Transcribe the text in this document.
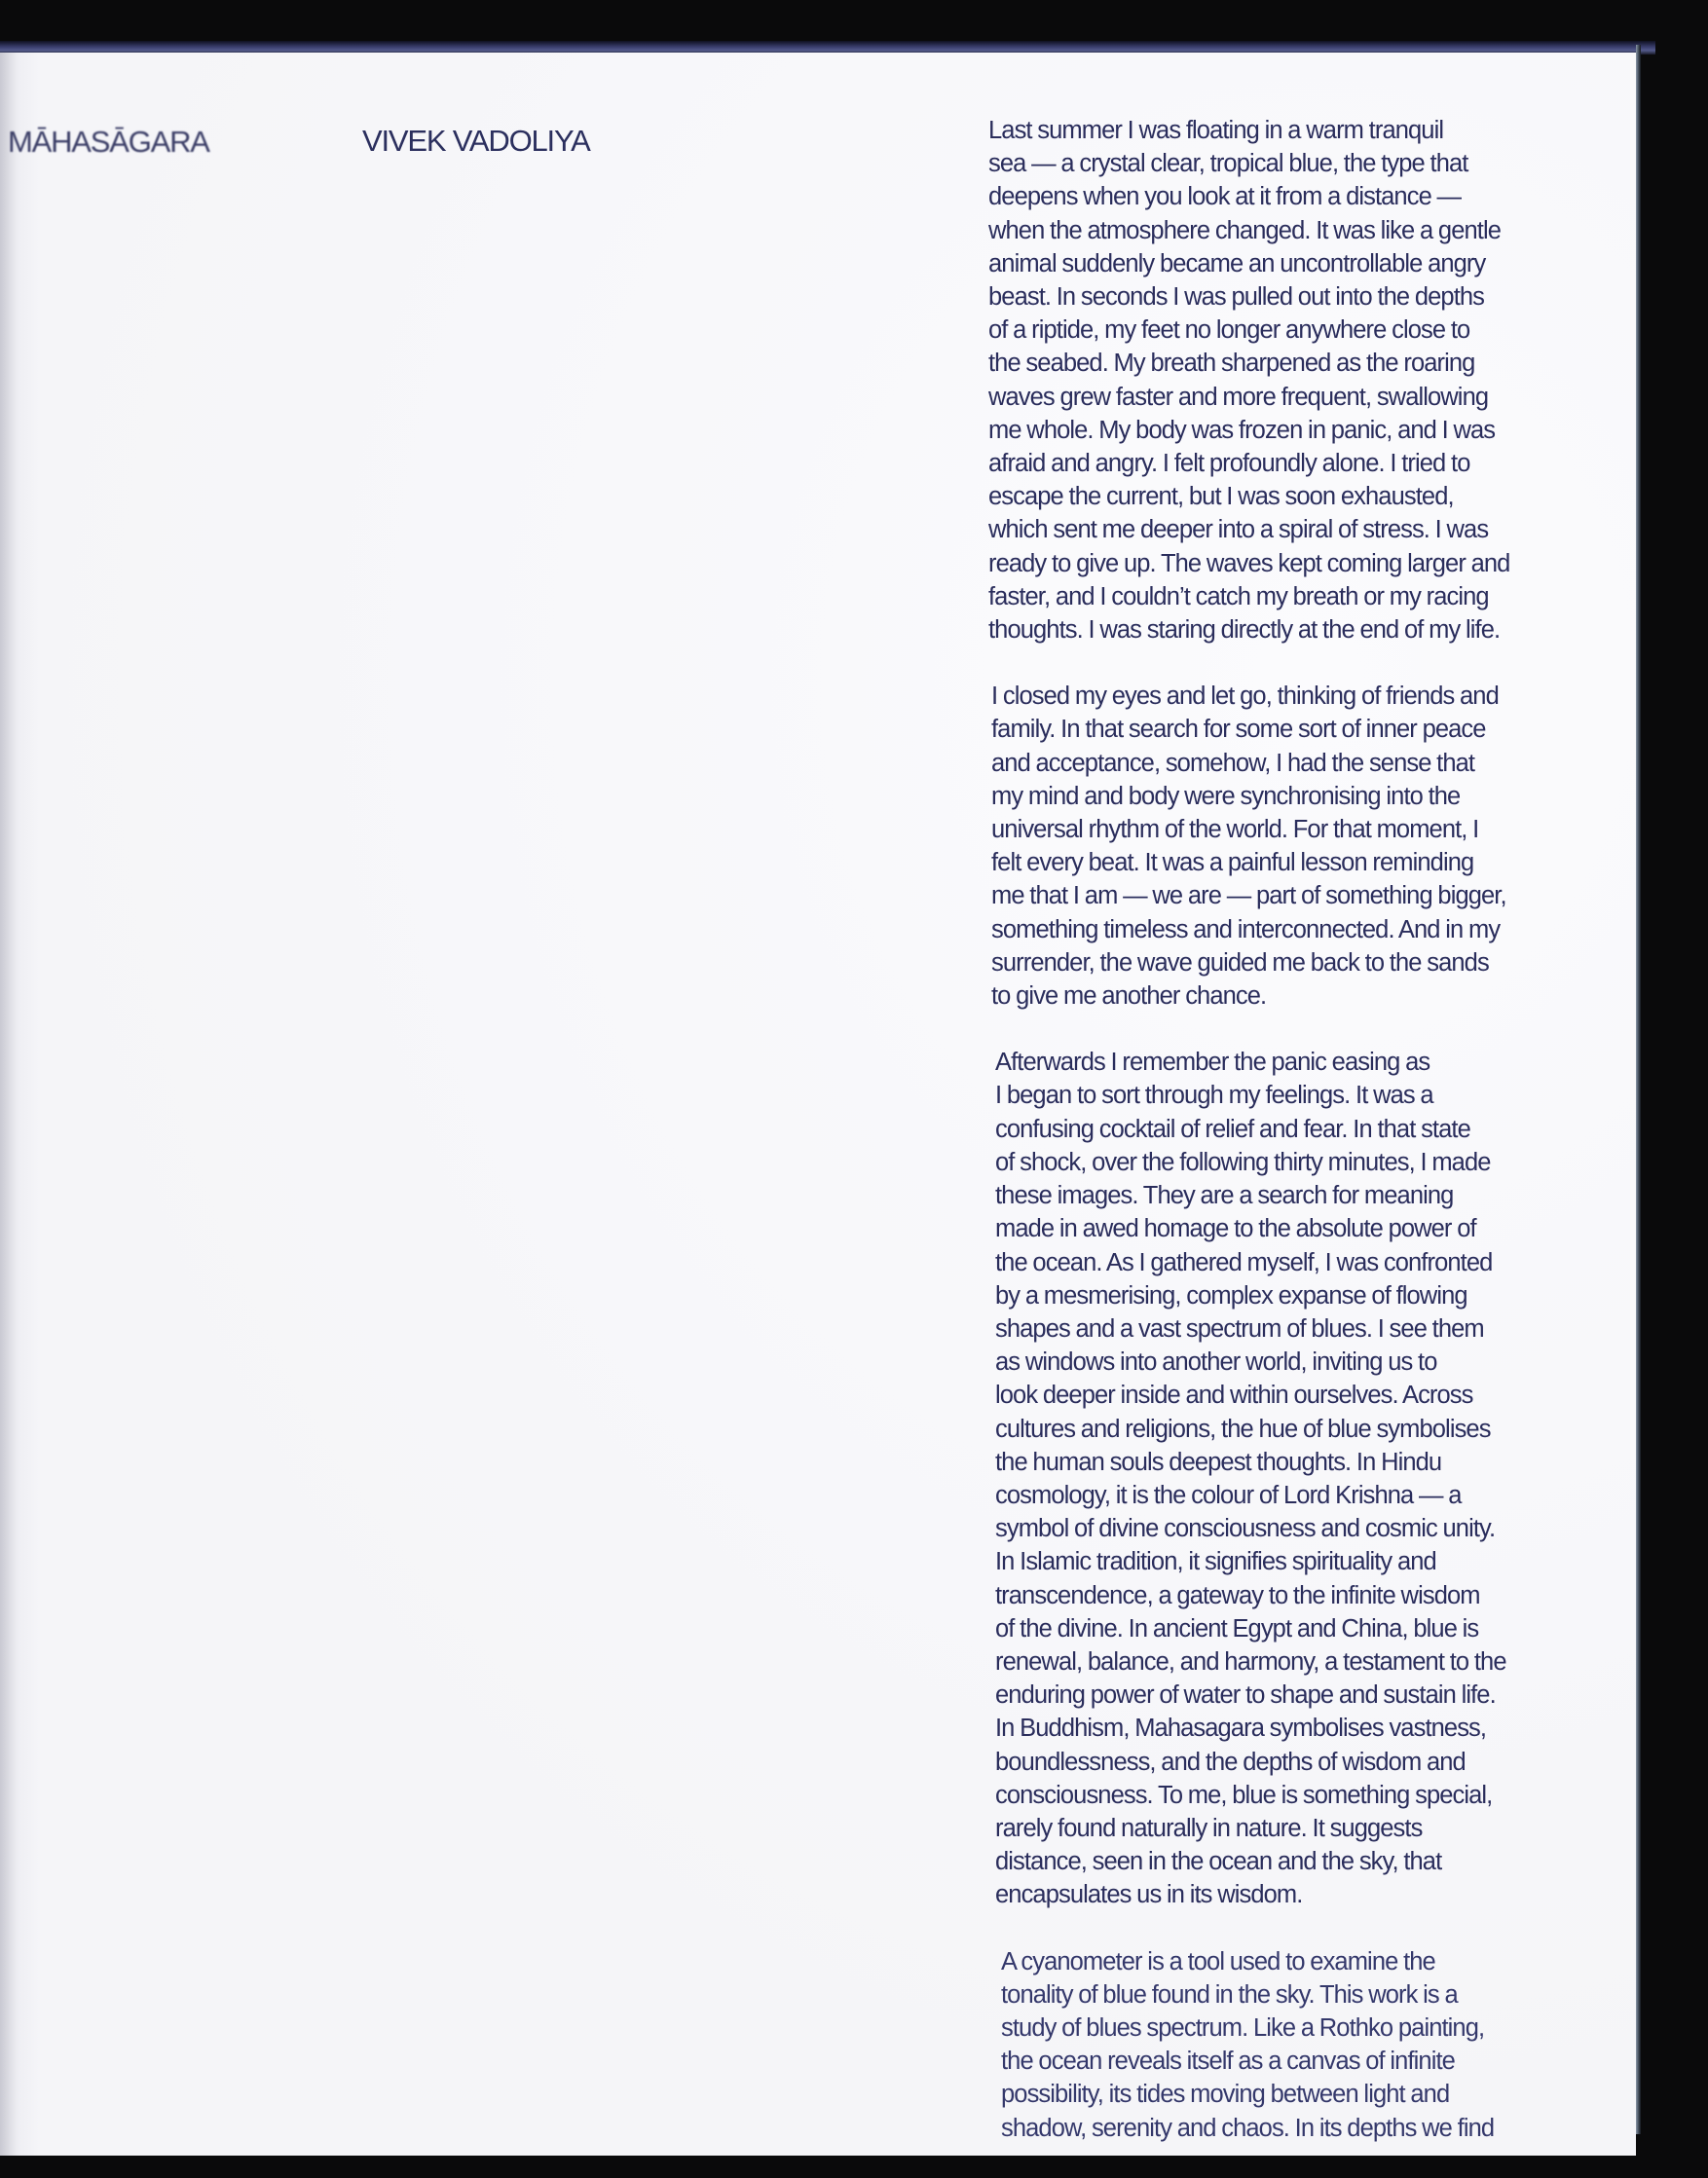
MĀHASĀGARA	VIVEK VADOLIYA	Last summer I was floating in a warm tranquil
sea — a crystal clear, tropical blue, the type that
deepens when you look at it from a distance —
when the atmosphere changed. It was like a gentle
animal suddenly became an uncontrollable angry
beast. In seconds I was pulled out into the depths
of a riptide, my feet no longer anywhere close to
the seabed. My breath sharpened as the roaring
waves grew faster and more frequent, swallowing
me whole. My body was frozen in panic, and I was
afraid and angry. I felt profoundly alone. I tried to
escape the current, but I was soon exhausted,
which sent me deeper into a spiral of stress. I was
ready to give up. The waves kept coming larger and
faster, and I couldn’t catch my breath or my racing
thoughts. I was staring directly at the end of my life.

I closed my eyes and let go, thinking of friends and
family. In that search for some sort of inner peace
and acceptance, somehow, I had the sense that
my mind and body were synchronising into the
universal rhythm of the world. For that moment, I
felt every beat. It was a painful lesson reminding
me that I am — we are — part of something bigger,
something timeless and interconnected. And in my
surrender, the wave guided me back to the sands
to give me another chance.

Afterwards I remember the panic easing as
I began to sort through my feelings. It was a
confusing cocktail of relief and fear. In that state
of shock, over the following thirty minutes, I made
these images. They are a search for meaning
made in awed homage to the absolute power of
the ocean. As I gathered myself, I was confronted
by a mesmerising, complex expanse of flowing
shapes and a vast spectrum of blues. I see them
as windows into another world, inviting us to
look deeper inside and within ourselves. Across
cultures and religions, the hue of blue symbolises
the human souls deepest thoughts. In Hindu
cosmology, it is the colour of Lord Krishna — a
symbol of divine consciousness and cosmic unity.
In Islamic tradition, it signifies spirituality and
transcendence, a gateway to the infinite wisdom
of the divine. In ancient Egypt and China, blue is
renewal, balance, and harmony, a testament to the
enduring power of water to shape and sustain life.
In Buddhism, Mahasagara symbolises vastness,
boundlessness, and the depths of wisdom and
consciousness. To me, blue is something special,
rarely found naturally in nature. It suggests
distance, seen in the ocean and the sky, that
encapsulates us in its wisdom.

A cyanometer is a tool used to examine the
tonality of blue found in the sky. This work is a
study of blues spectrum. Like a Rothko painting,
the ocean reveals itself as a canvas of infinite
possibility, its tides moving between light and
shadow, serenity and chaos. In its depths we find
